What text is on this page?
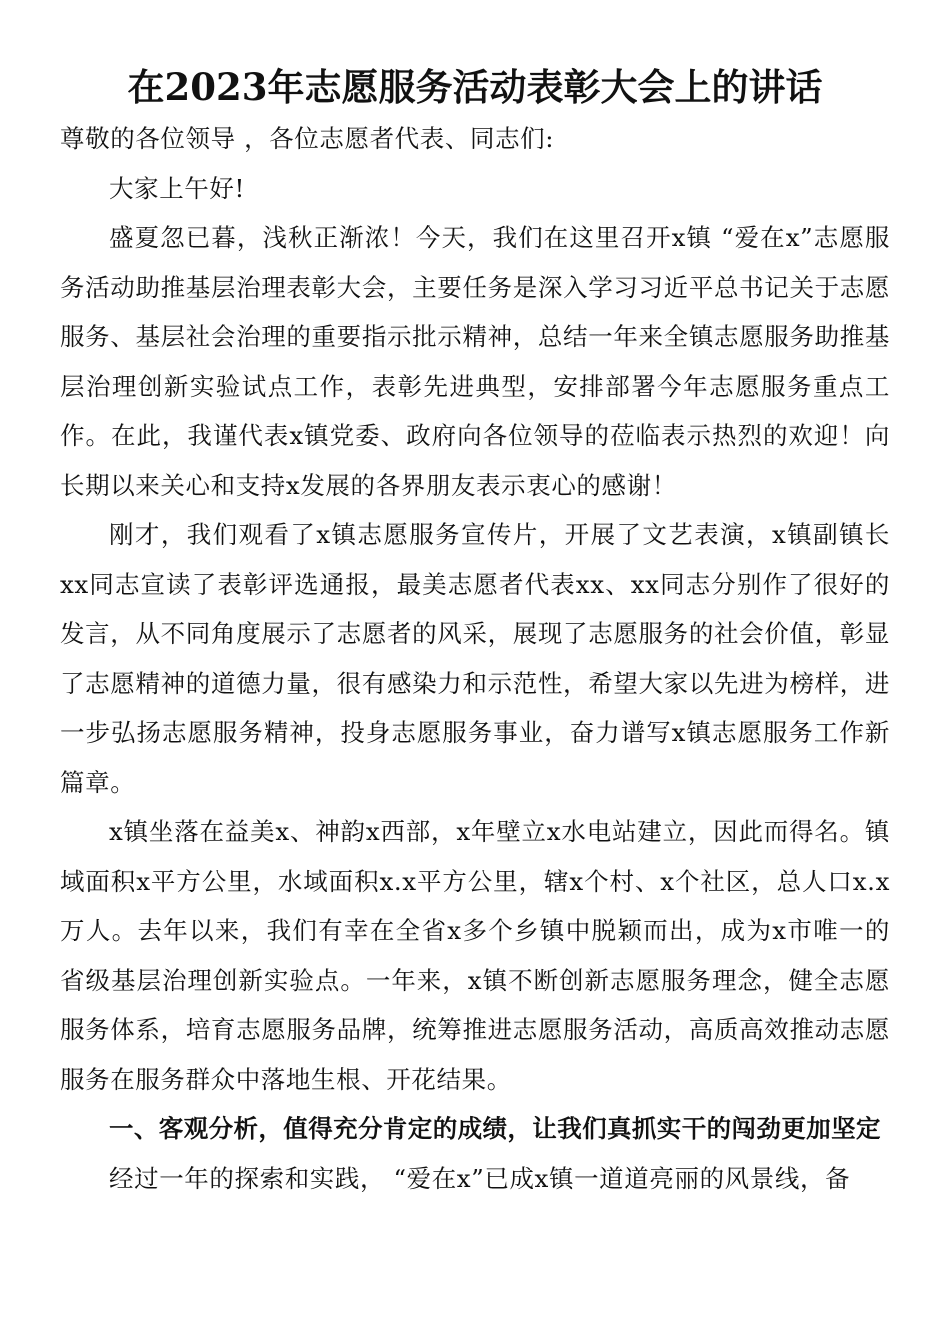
在2023年志愿服务活动表彰大会上的讲话

尊敬的各位领导 ，各位志愿者代表、同志们:

大家上午好!

盛夏忽已暮，浅秋正渐浓！今天，我们在这里召开x镇 “爱在x”志愿服务活动助推基层治理表彰大会，主要任务是深入学习习近平总书记关于志愿服务、基层社会治理的重要指示批示精神，总结一年来全镇志愿服务助推基层治理创新实验试点工作，表彰先进典型，安排部署今年志愿服务重点工作。在此，我谨代表x镇党委、政府向各位领导的莅临表示热烈的欢迎！向长期以来关心和支持x发展的各界朋友表示衷心的感谢！

刚才，我们观看了x镇志愿服务宣传片，开展了文艺表演，x镇副镇长xx同志宣读了表彰评选通报，最美志愿者代表xx、xx同志分别作了很好的发言，从不同角度展示了志愿者的风采，展现了志愿服务的社会价值，彰显了志愿精神的道德力量，很有感染力和示范性，希望大家以先进为榜样，进一步弘扬志愿服务精神，投身志愿服务事业，奋力谱写x镇志愿服务工作新篇章。

x镇坐落在益美x、神韵x西部，x年壁立x水电站建立，因此而得名。镇域面积x平方公里，水域面积x.x平方公里，辖x个村、x个社区，总人口x.x万人。去年以来，我们有幸在全省x多个乡镇中脱颖而出，成为x市唯一的省级基层治理创新实验点。一年来，x镇不断创新志愿服务理念，健全志愿服务体系，培育志愿服务品牌，统筹推进志愿服务活动，高质高效推动志愿服务在服务群众中落地生根、开花结果。

一、客观分析，值得充分肯定的成绩，让我们真抓实干的闯劲更加坚定

经过一年的探索和实践， “爱在x”已成x镇一道道亮丽的风景线，备
